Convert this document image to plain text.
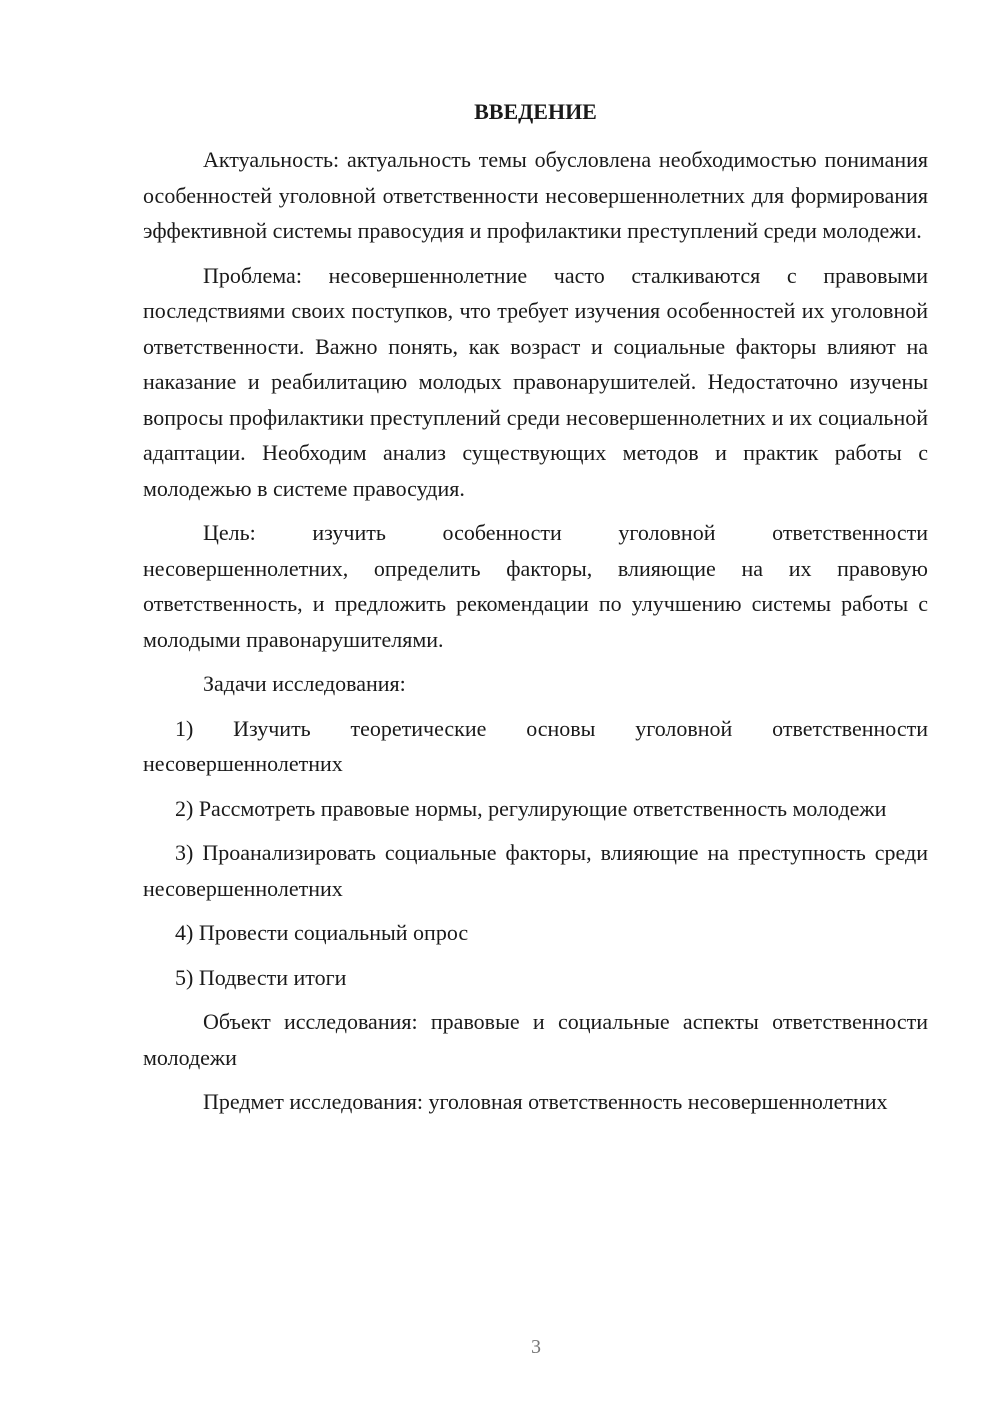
ВВЕДЕНИЕ

Актуальность: актуальность темы обусловлена необходимостью понимания особенностей уголовной ответственности несовершеннолетних для формирования эффективной системы правосудия и профилактики преступлений среди молодежи.

Проблема: несовершеннолетние часто сталкиваются с правовыми последствиями своих поступков, что требует изучения особенностей их уголовной ответственности. Важно понять, как возраст и социальные факторы влияют на наказание и реабилитацию молодых правонарушителей. Недостаточно изучены вопросы профилактики преступлений среди несовершеннолетних и их социальной адаптации. Необходим анализ существующих методов и практик работы с молодежью в системе правосудия.

Цель: изучить особенности уголовной ответственности несовершеннолетних, определить факторы, влияющие на их правовую ответственность, и предложить рекомендации по улучшению системы работы с молодыми правонарушителями.

Задачи исследования:

1) Изучить теоретические основы уголовной ответственности несовершеннолетних

2) Рассмотреть правовые нормы, регулирующие ответственность молодежи

3) Проанализировать социальные факторы, влияющие на преступность среди несовершеннолетних

4) Провести социальный опрос

5) Подвести итоги

Объект исследования: правовые и социальные аспекты ответственности молодежи

Предмет исследования: уголовная ответственность несовершеннолетних

3
